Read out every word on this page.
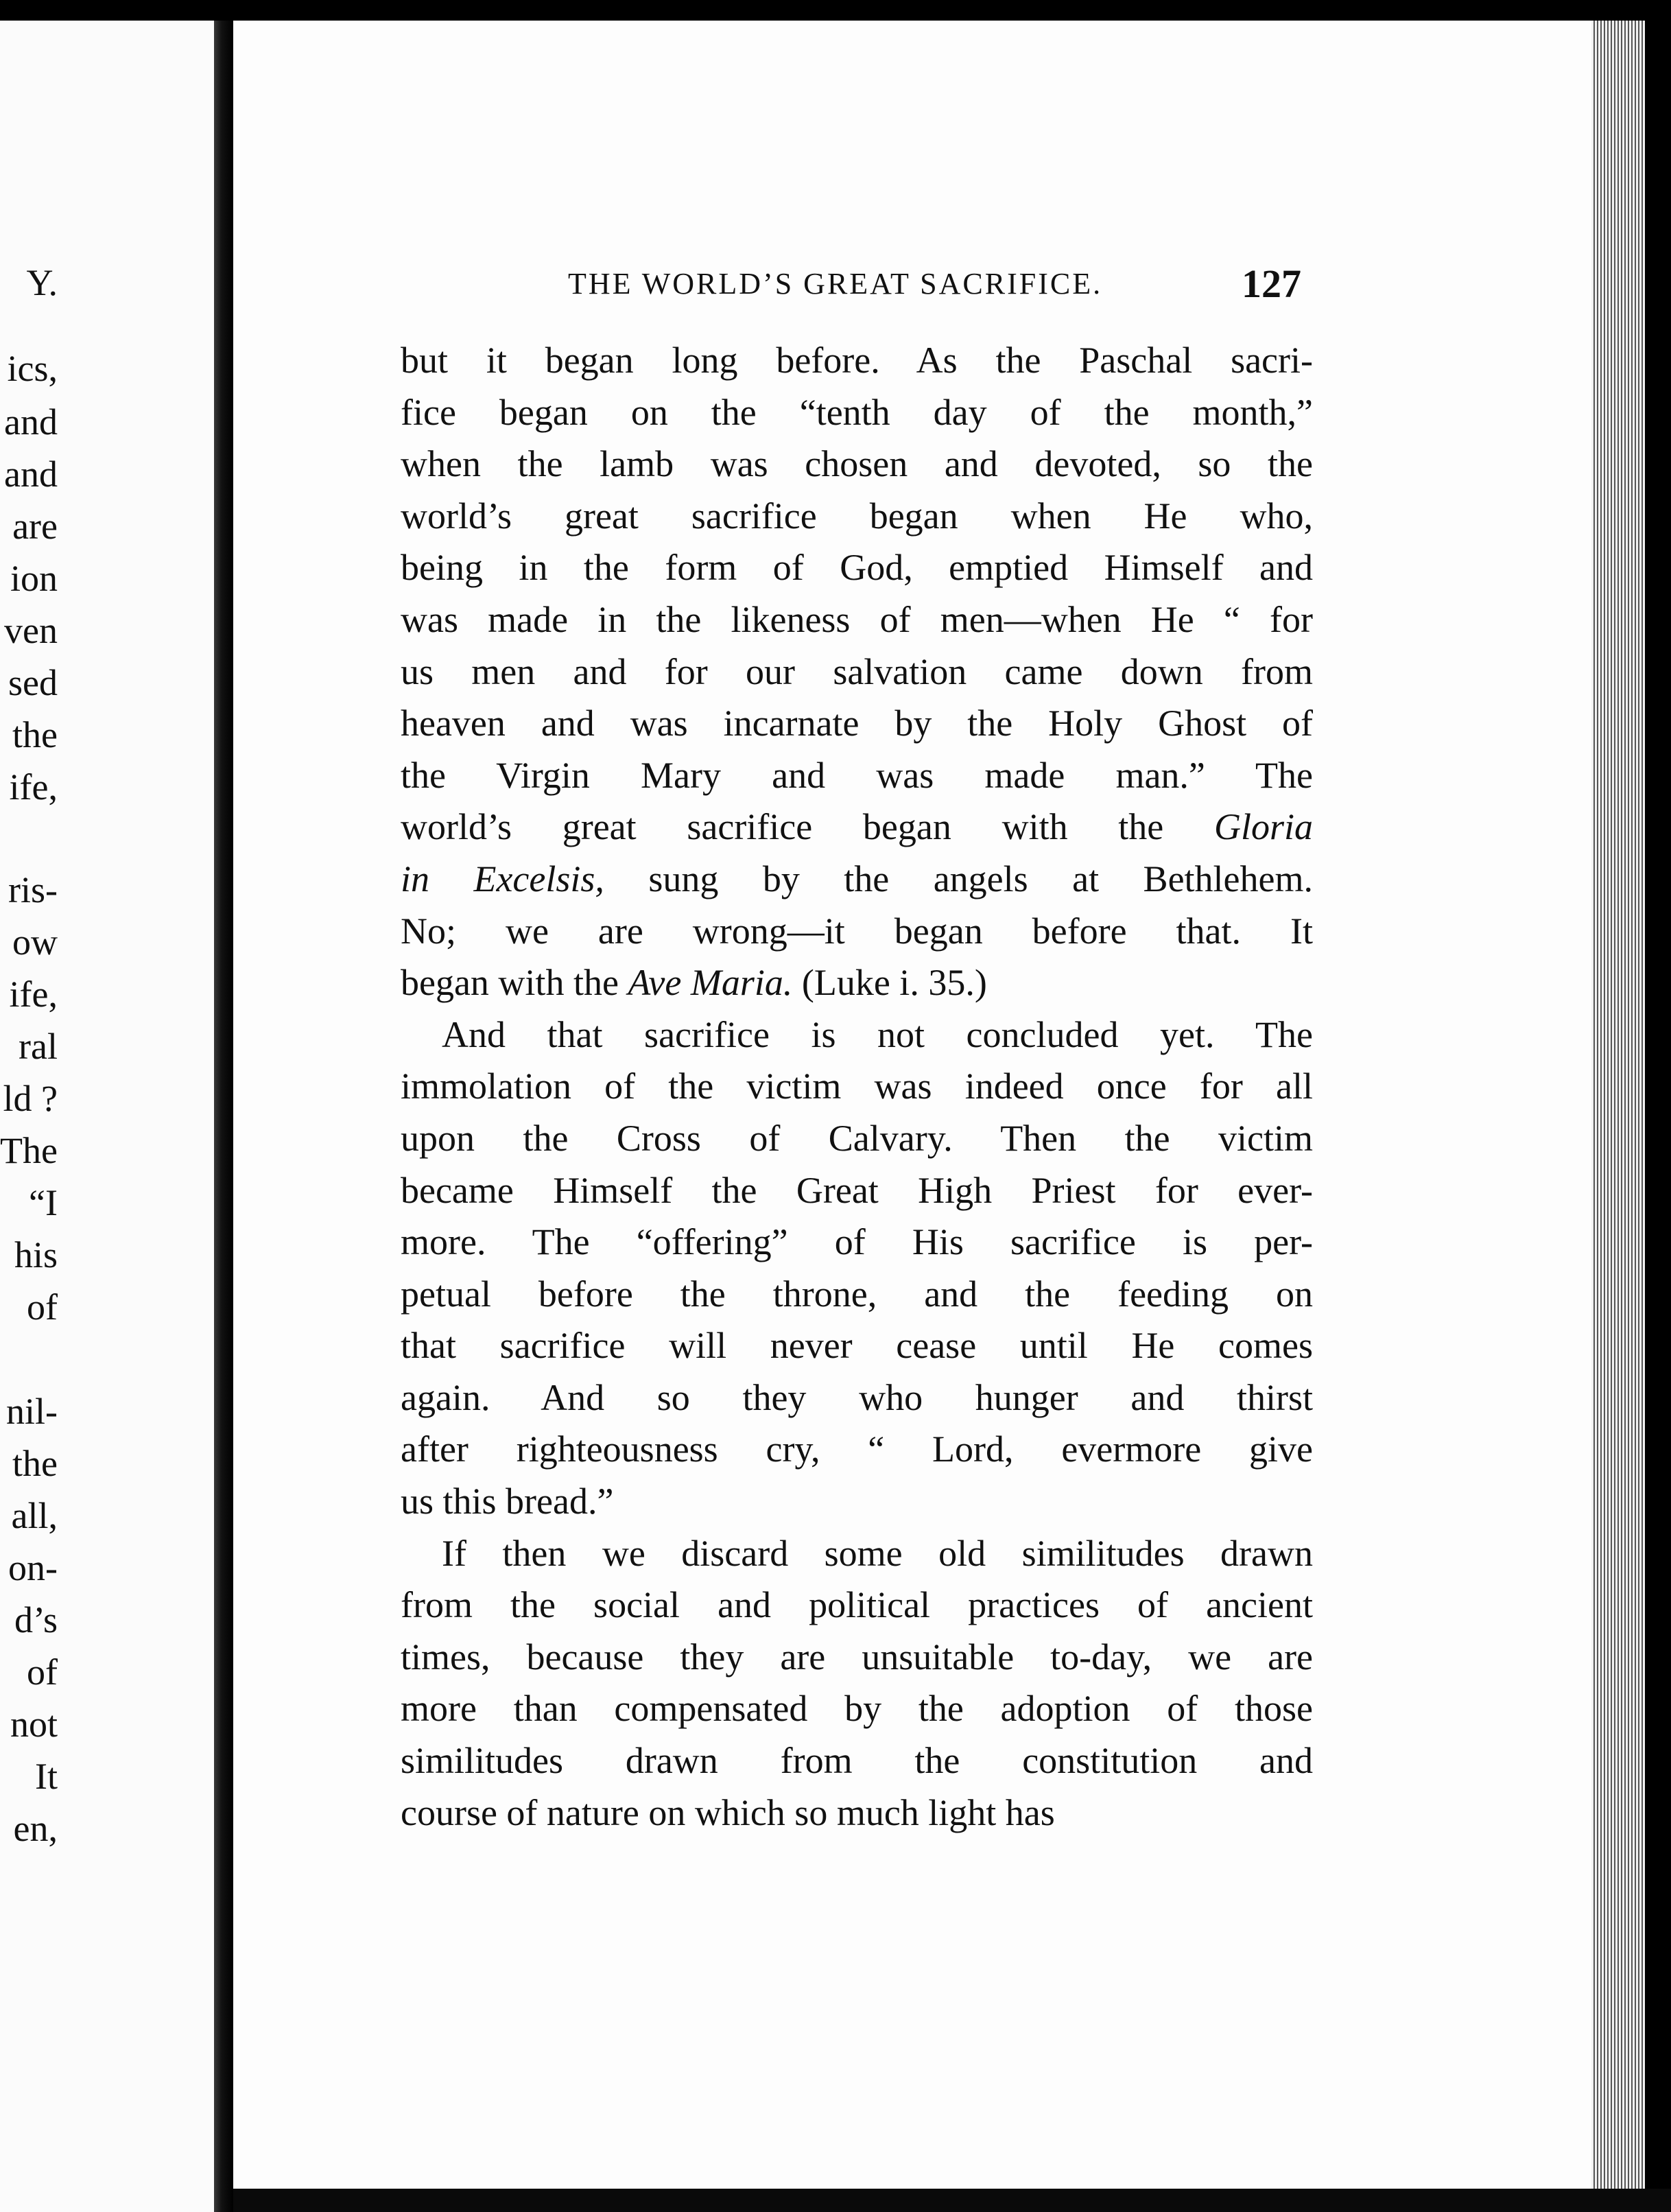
Y.
ics,
and
and
are
ion
ven
sed
the
ife,
ris-
ow
ife,
ral
ld ?
The
“I
his
of
nil-
the
all,
on-
d’s
of
not
It
en,
THE WORLD’S GREAT SACRIFICE.	127
but it began long before. As the Paschal sacri-
fice began on the “tenth day of the month,”
when the lamb was chosen and devoted, so the
world’s great sacrifice began when He who,
being in the form of God, emptied Himself and
was made in the likeness of men—when He “ for
us men and for our salvation came down from
heaven and was incarnate by the Holy Ghost of
the Virgin Mary and was made man.” The
world’s great sacrifice began with the Gloria
in Excelsis, sung by the angels at Bethlehem.
No; we are wrong—it began before that. It
began with the Ave Maria. (Luke i. 35.)
And that sacrifice is not concluded yet. The
immolation of the victim was indeed once for all
upon the Cross of Calvary. Then the victim
became Himself the Great High Priest for ever-
more. The “offering” of His sacrifice is per-
petual before the throne, and the feeding on
that sacrifice will never cease until He comes
again. And so they who hunger and thirst
after righteousness cry, “ Lord, evermore give
us this bread.”
If then we discard some old similitudes drawn
from the social and political practices of ancient
times, because they are unsuitable to-day, we are
more than compensated by the adoption of those
similitudes drawn from the constitution and
course of nature on which so much light has
